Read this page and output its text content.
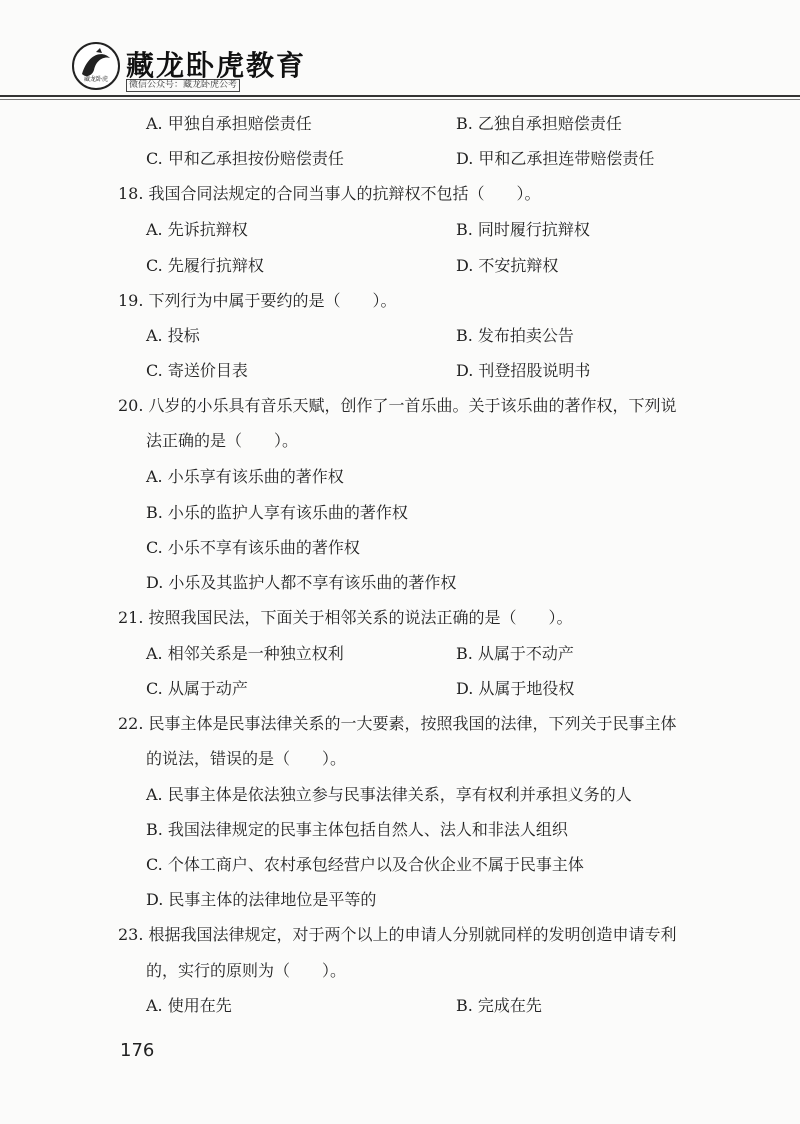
藏龙卧虎 藏龙卧虎教育
微信公众号：藏龙卧虎公考
A. 甲独自承担赔偿责任	B. 乙独自承担赔偿责任
C. 甲和乙承担按份赔偿责任	D. 甲和乙承担连带赔偿责任
18. 我国合同法规定的合同当事人的抗辩权不包括（　　）。
A. 先诉抗辩权	B. 同时履行抗辩权
C. 先履行抗辩权	D. 不安抗辩权
19. 下列行为中属于要约的是（　　）。
A. 投标	B. 发布拍卖公告
C. 寄送价目表	D. 刊登招股说明书
20. 八岁的小乐具有音乐天赋，创作了一首乐曲。关于该乐曲的著作权，下列说
法正确的是（　　）。
A. 小乐享有该乐曲的著作权
B. 小乐的监护人享有该乐曲的著作权
C. 小乐不享有该乐曲的著作权
D. 小乐及其监护人都不享有该乐曲的著作权
21. 按照我国民法，下面关于相邻关系的说法正确的是（　　）。
A. 相邻关系是一种独立权利	B. 从属于不动产
C. 从属于动产	D. 从属于地役权
22. 民事主体是民事法律关系的一大要素，按照我国的法律，下列关于民事主体
的说法，错误的是（　　）。
A. 民事主体是依法独立参与民事法律关系，享有权利并承担义务的人
B. 我国法律规定的民事主体包括自然人、法人和非法人组织
C. 个体工商户、农村承包经营户以及合伙企业不属于民事主体
D. 民事主体的法律地位是平等的
23. 根据我国法律规定，对于两个以上的申请人分别就同样的发明创造申请专利
的，实行的原则为（　　）。
A. 使用在先	B. 完成在先
176
